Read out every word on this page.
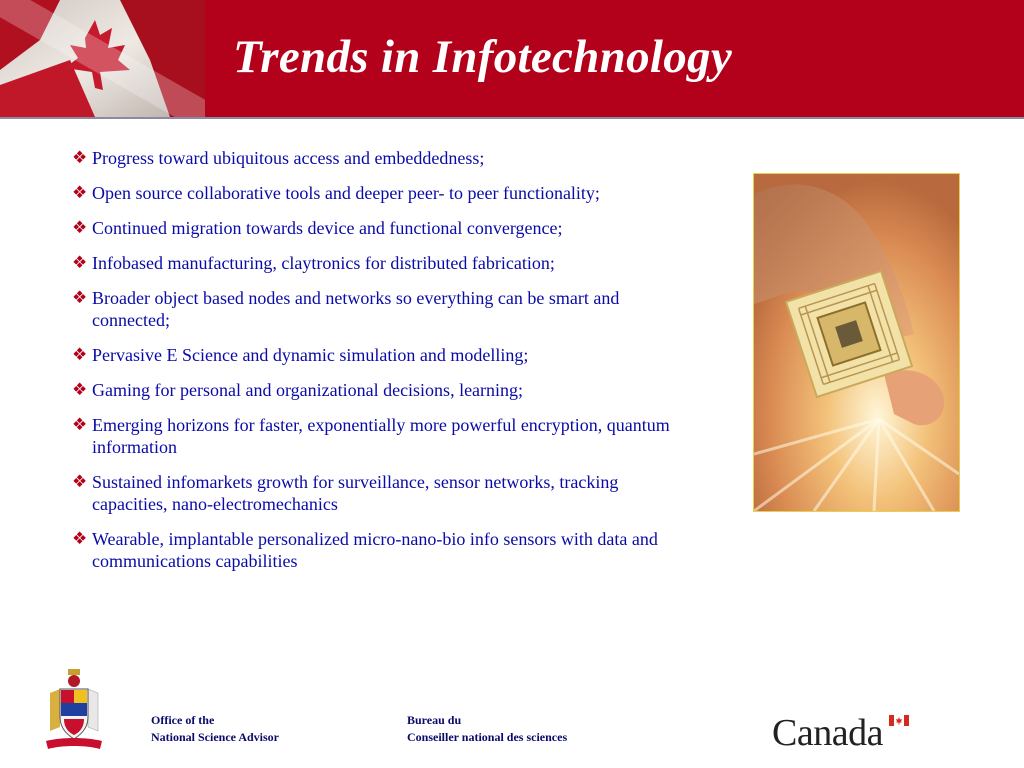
Trends in Infotechnology
❖ Progress toward ubiquitous access and embeddedness;
❖ Open source collaborative tools and deeper peer- to peer functionality;
❖ Continued migration towards device and functional convergence;
❖ Infobased manufacturing, claytronics for distributed fabrication;
❖ Broader object based nodes and networks so everything can be smart and connected;
❖ Pervasive E Science and dynamic simulation and modelling;
❖ Gaming for personal and organizational decisions, learning;
❖ Emerging horizons for faster, exponentially more powerful encryption, quantum information
❖ Sustained infomarkets growth for surveillance, sensor networks, tracking capacities, nano-electromechanics
❖ Wearable, implantable personalized micro-nano-bio info sensors with data and communications capabilities

Office of the
National Science Advisor

Bureau du
Conseiller national des sciences	Canada
